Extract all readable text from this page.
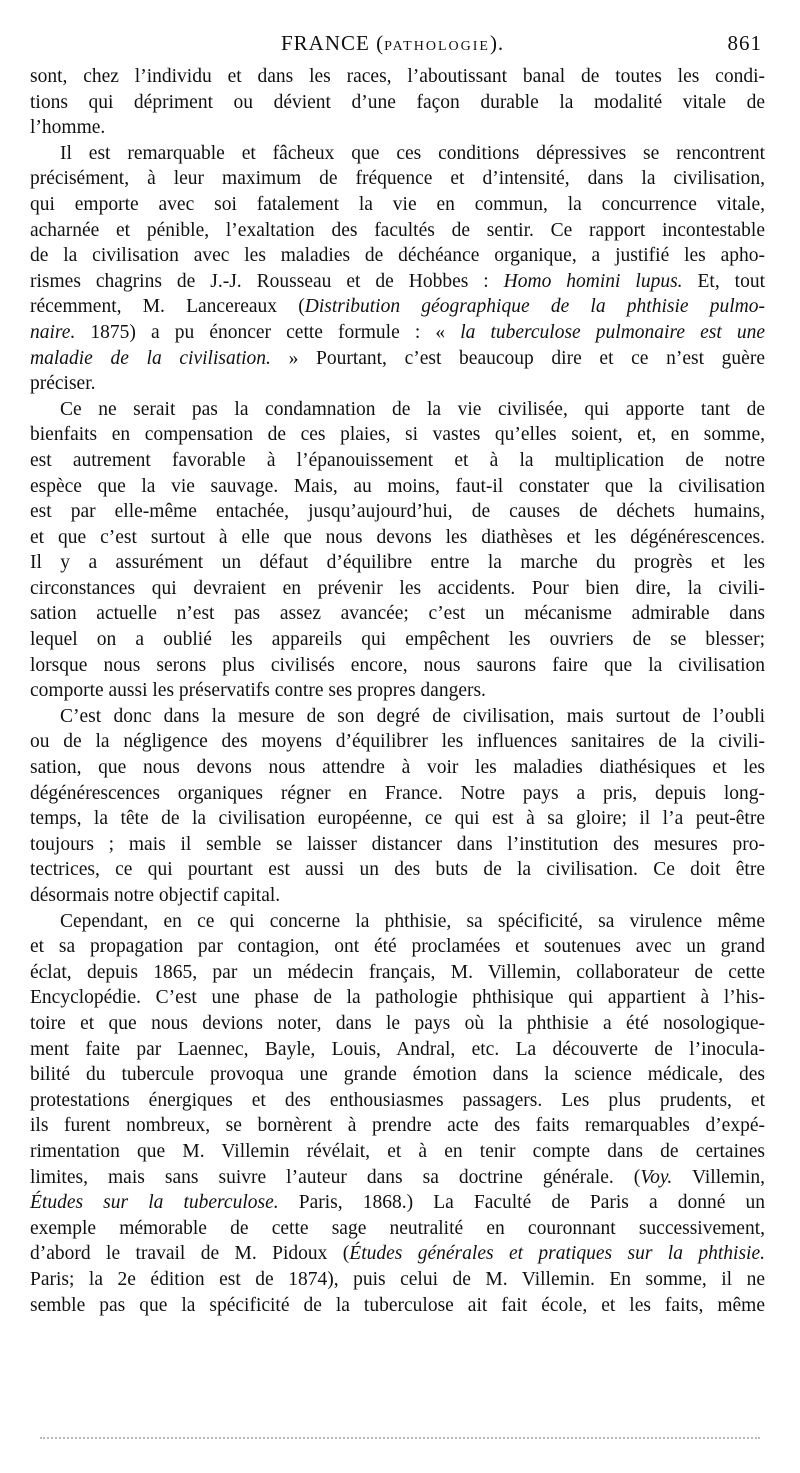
FRANCE (PATHOLOGIE).	861
sont, chez l’individu et dans les races, l’aboutissant banal de toutes les condi-
tions qui dépriment ou dévient d’une façon durable la modalité vitale de
l’homme.
Il est remarquable et fâcheux que ces conditions dépressives se rencontrent
précisément, à leur maximum de fréquence et d’intensité, dans la civilisation,
qui emporte avec soi fatalement la vie en commun, la concurrence vitale,
acharnée et pénible, l’exaltation des facultés de sentir. Ce rapport incontestable
de la civilisation avec les maladies de déchéance organique, a justifié les apho-
rismes chagrins de J.-J. Rousseau et de Hobbes : Homo homini lupus. Et, tout
récemment, M. Lancereaux (Distribution géographique de la phthisie pulmo-
naire. 1875) a pu énoncer cette formule : « la tuberculose pulmonaire est une
maladie de la civilisation. » Pourtant, c’est beaucoup dire et ce n’est guère
préciser.
Ce ne serait pas la condamnation de la vie civilisée, qui apporte tant de
bienfaits en compensation de ces plaies, si vastes qu’elles soient, et, en somme,
est autrement favorable à l’épanouissement et à la multiplication de notre
espèce que la vie sauvage. Mais, au moins, faut-il constater que la civilisation
est par elle-même entachée, jusqu’aujourd’hui, de causes de déchets humains,
et que c’est surtout à elle que nous devons les diathèses et les dégénérescences.
Il y a assurément un défaut d’équilibre entre la marche du progrès et les
circonstances qui devraient en prévenir les accidents. Pour bien dire, la civili-
sation actuelle n’est pas assez avancée; c’est un mécanisme admirable dans
lequel on a oublié les appareils qui empêchent les ouvriers de se blesser;
lorsque nous serons plus civilisés encore, nous saurons faire que la civilisation
comporte aussi les préservatifs contre ses propres dangers.
C’est donc dans la mesure de son degré de civilisation, mais surtout de l’oubli
ou de la négligence des moyens d’équilibrer les influences sanitaires de la civili-
sation, que nous devons nous attendre à voir les maladies diathésiques et les
dégénérescences organiques régner en France. Notre pays a pris, depuis long-
temps, la tête de la civilisation européenne, ce qui est à sa gloire; il l’a peut-être
toujours ; mais il semble se laisser distancer dans l’institution des mesures pro-
tectrices, ce qui pourtant est aussi un des buts de la civilisation. Ce doit être
désormais notre objectif capital.
Cependant, en ce qui concerne la phthisie, sa spécificité, sa virulence même
et sa propagation par contagion, ont été proclamées et soutenues avec un grand
éclat, depuis 1865, par un médecin français, M. Villemin, collaborateur de cette
Encyclopédie. C’est une phase de la pathologie phthisique qui appartient à l’his-
toire et que nous devions noter, dans le pays où la phthisie a été nosologique-
ment faite par Laennec, Bayle, Louis, Andral, etc. La découverte de l’inocula-
bilité du tubercule provoqua une grande émotion dans la science médicale, des
protestations énergiques et des enthousiasmes passagers. Les plus prudents, et
ils furent nombreux, se bornèrent à prendre acte des faits remarquables d’expé-
rimentation que M. Villemin révélait, et à en tenir compte dans de certaines
limites, mais sans suivre l’auteur dans sa doctrine générale. (Voy. Villemin,
Études sur la tuberculose. Paris, 1868.) La Faculté de Paris a donné un
exemple mémorable de cette sage neutralité en couronnant successivement,
d’abord le travail de M. Pidoux (Études générales et pratiques sur la phthisie.
Paris; la 2e édition est de 1874), puis celui de M. Villemin. En somme, il ne
semble pas que la spécificité de la tuberculose ait fait école, et les faits, même
